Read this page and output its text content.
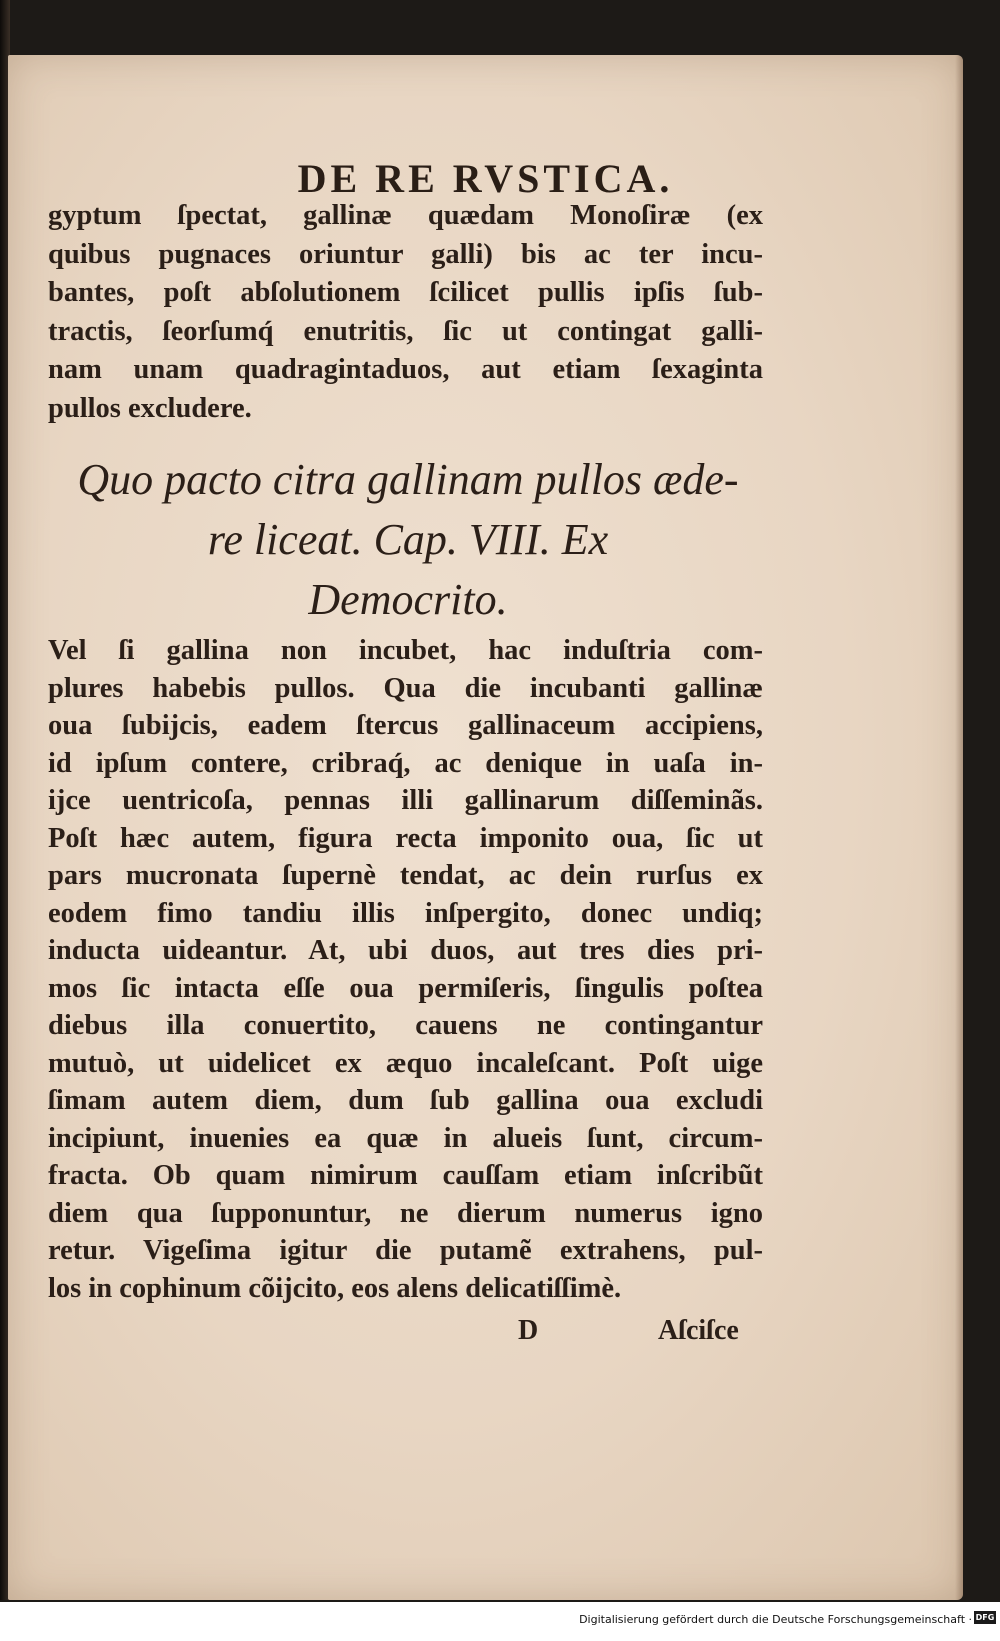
DE RE RVSTICA.
gyptum ſpectat, gallinæ quædam Monoſiræ (ex
quibus pugnaces oriuntur galli) bis ac ter incu-
bantes, poſt abſolutionem ſcilicet pullis ipſis ſub-
tractis, ſeorſumq́ enutritis, ſic ut contingat galli-
nam unam quadragintaduos, aut etiam ſexaginta
pullos excludere.
Quo pacto citra gallinam pullos æde-
re liceat. Cap. VIII. Ex
Democrito.
Vel ſi gallina non incubet, hac induſtria com-
plures habebis pullos. Qua die incubanti gallinæ
oua ſubijcis, eadem ſtercus gallinaceum accipiens,
id ipſum contere, cribraq́, ac denique in uaſa in-
ijce uentricoſa, pennas illi gallinarum diſſeminãs.
Poſt hæc autem, figura recta imponito oua, ſic ut
pars mucronata ſupernè tendat, ac dein rurſus ex
eodem fimo tandiu illis inſpergito, donec undiq;
inducta uideantur. At, ubi duos, aut tres dies pri-
mos ſic intacta eſſe oua permiſeris, ſingulis poſtea
diebus illa conuertito, cauens ne contingantur
mutuò, ut uidelicet ex æquo incaleſcant. Poſt uige
ſimam autem diem, dum ſub gallina oua excludi
incipiunt, inuenies ea quæ in alueis ſunt, circum-
fracta. Ob quam nimirum cauſſam etiam inſcribũt
diem qua ſupponuntur, ne dierum numerus igno
retur. Vigeſima igitur die putamẽ extrahens, pul-
los in cophinum cõijcito, eos alens delicatiſſimè.
D	Aſciſce
Digitalisierung gefördert durch die Deutsche Forschungsgemeinschaft · DFG
